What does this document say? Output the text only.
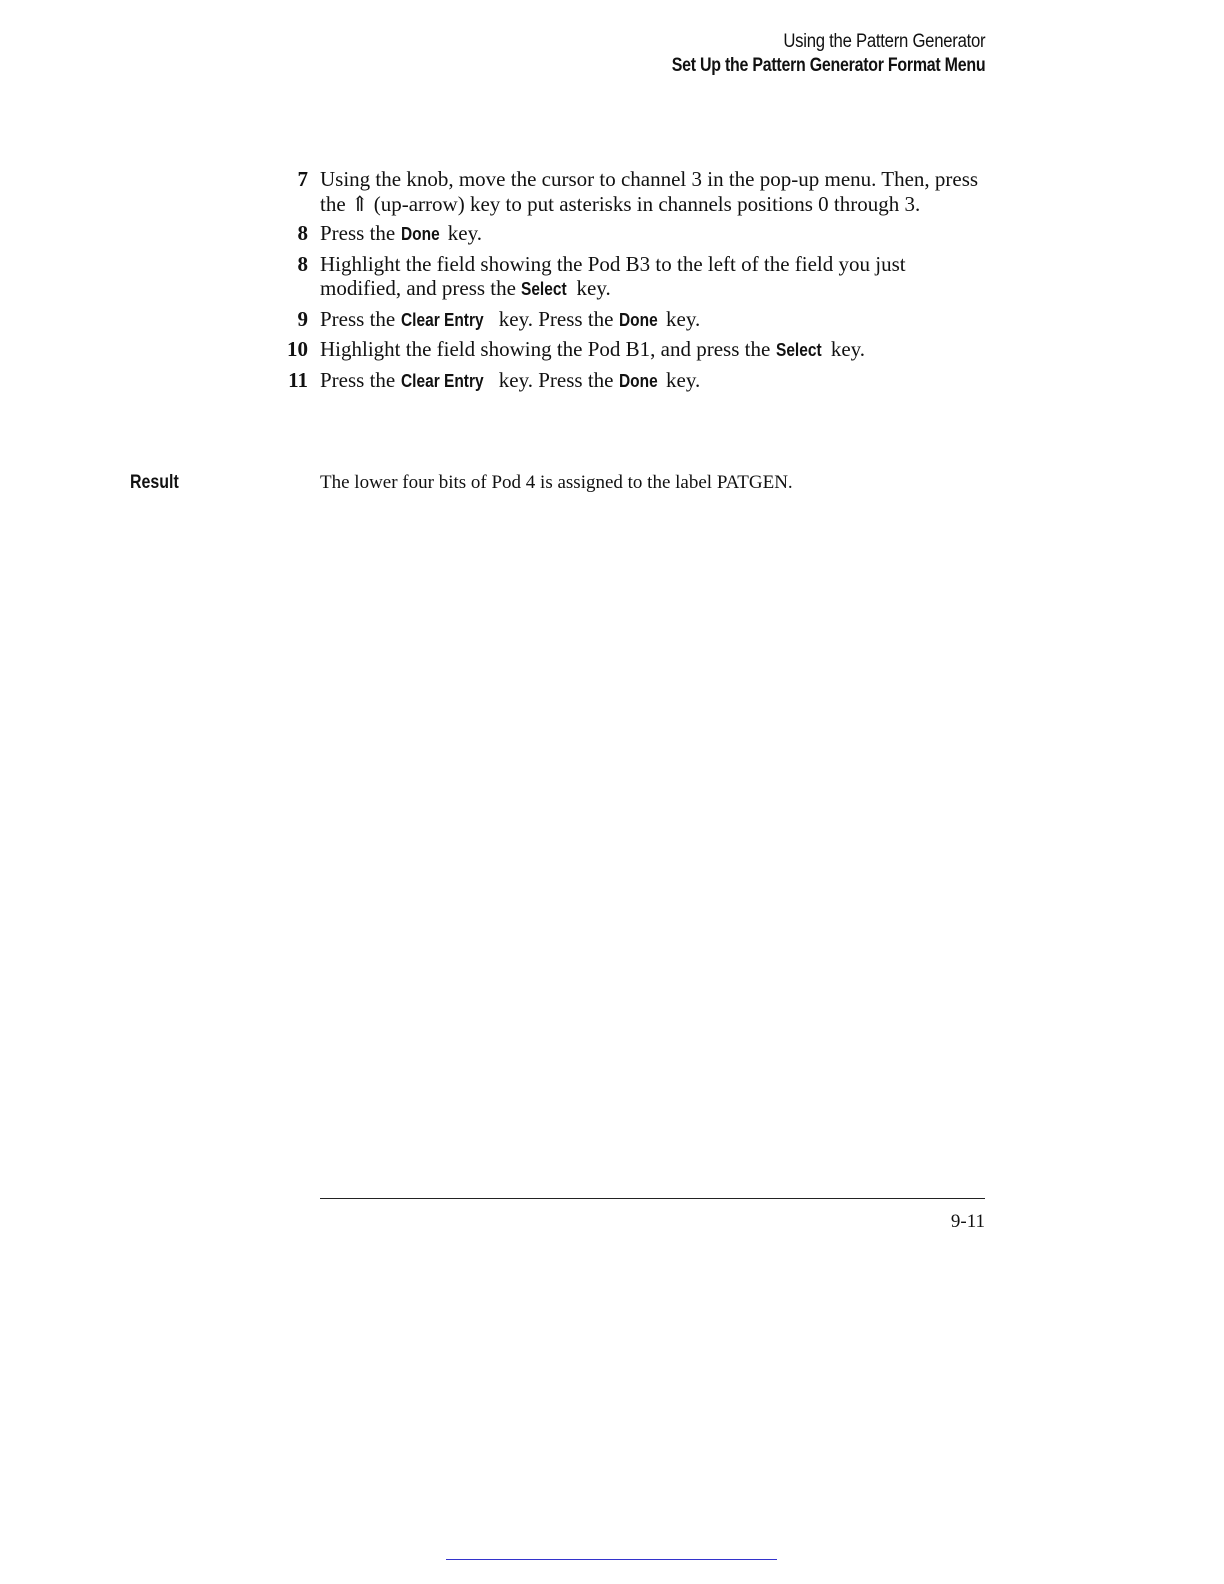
Using the Pattern Generator
Set Up the Pattern Generator Format Menu
7 Using the knob, move the cursor to channel 3 in the pop-up menu. Then, press the ⇑ (up-arrow) key to put asterisks in channels positions 0 through 3.
8 Press the Done key.
8 Highlight the field showing the Pod B3 to the left of the field you just modified, and press the Select key.
9 Press the Clear Entry key. Press the Done key.
10 Highlight the field showing the Pod B1, and press the Select key.
11 Press the Clear Entry key. Press the Done key.
Result	The lower four bits of Pod 4 is assigned to the label PATGEN.
9-11
